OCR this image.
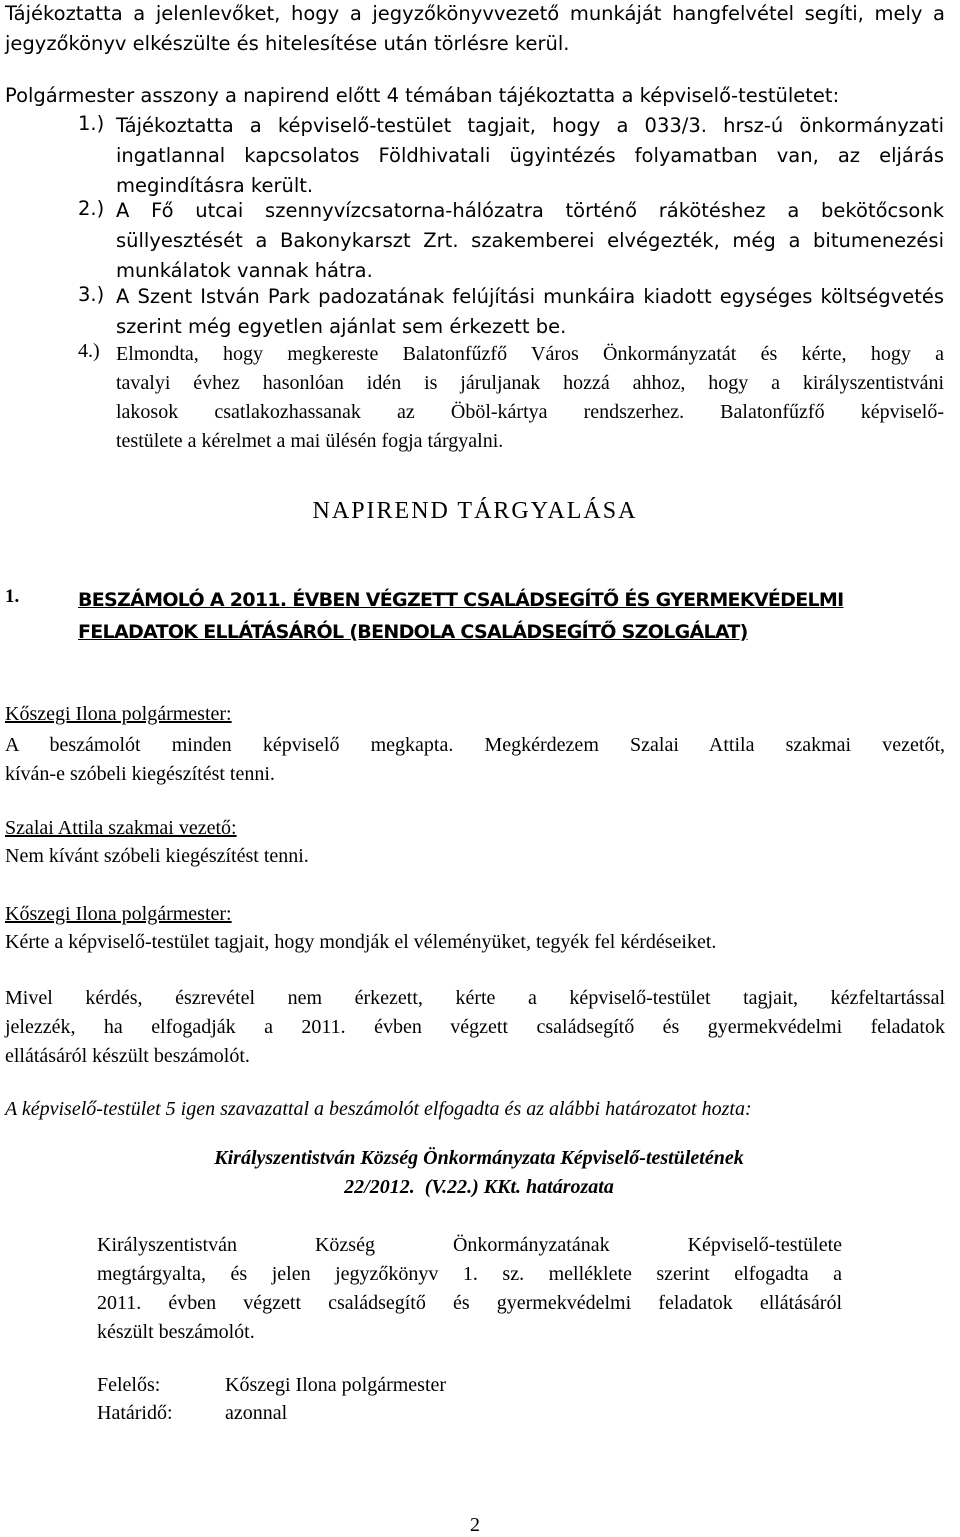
Tájékoztatta a jelenlevőket, hogy a jegyzőkönyvvezető munkáját hangfelvétel segíti, mely a
jegyzőkönyv elkészülte és hitelesítése után törlésre kerül.
Polgármester asszony a napirend előtt 4 témában tájékoztatta a képviselő-testületet:
1.) Tájékoztatta a képviselő-testület tagjait, hogy a 033/3. hrsz-ú önkormányzati
ingatlannal kapcsolatos Földhivatali ügyintézés folyamatban van, az eljárás
megindításra került.
2.) A Fő utcai szennyvízcsatorna-hálózatra történő rákötéshez a bekötőcsonk
süllyesztését a Bakonykarszt Zrt. szakemberei elvégezték, még a bitumenezési
munkálatok vannak hátra.
3.) A Szent István Park padozatának felújítási munkáira kiadott egységes költségvetés
szerint még egyetlen ajánlat sem érkezett be.
4.) Elmondta, hogy megkereste Balatonfűzfő Város Önkormányzatát és kérte, hogy a
tavalyi évhez hasonlóan idén is járuljanak hozzá ahhoz, hogy a királyszentistváni
lakosok csatlakozhassanak az Öböl-kártya rendszerhez. Balatonfűzfő képviselő-
testülete a kérelmet a mai ülésén fogja tárgyalni.
NAPIREND TÁRGYALÁSA
1.	BESZÁMOLÓ A 2011. ÉVBEN VÉGZETT CSALÁDSEGÍTŐ ÉS GYERMEKVÉDELMI
FELADATOK ELLÁTÁSÁRÓL (BENDOLA CSALÁDSEGÍTŐ SZOLGÁLAT)
Kőszegi Ilona polgármester:
A beszámolót minden képviselő megkapta. Megkérdezem Szalai Attila szakmai vezetőt,
kíván-e szóbeli kiegészítést tenni.
Szalai Attila szakmai vezető:
Nem kívánt szóbeli kiegészítést tenni.
Kőszegi Ilona polgármester:
Kérte a képviselő-testület tagjait, hogy mondják el véleményüket, tegyék fel kérdéseiket.
Mivel kérdés, észrevétel nem érkezett, kérte a képviselő-testület tagjait, kézfeltartással
jelezzék, ha elfogadják a 2011. évben végzett családsegítő és gyermekvédelmi feladatok
ellátásáról készült beszámolót.
A képviselő-testület 5 igen szavazattal a beszámolót elfogadta és az alábbi határozatot hozta:
Királyszentistván Község Önkormányzata Képviselő-testületének
22/2012.  (V.22.) KKt. határozata
Királyszentistván Község Önkormányzatának Képviselő-testülete
megtárgyalta, és jelen jegyzőkönyv 1. sz. melléklete szerint elfogadta a
2011. évben végzett családsegítő és gyermekvédelmi feladatok ellátásáról
készült beszámolót.
Felelős:	Kőszegi Ilona polgármester
Határidő:	azonnal
2
